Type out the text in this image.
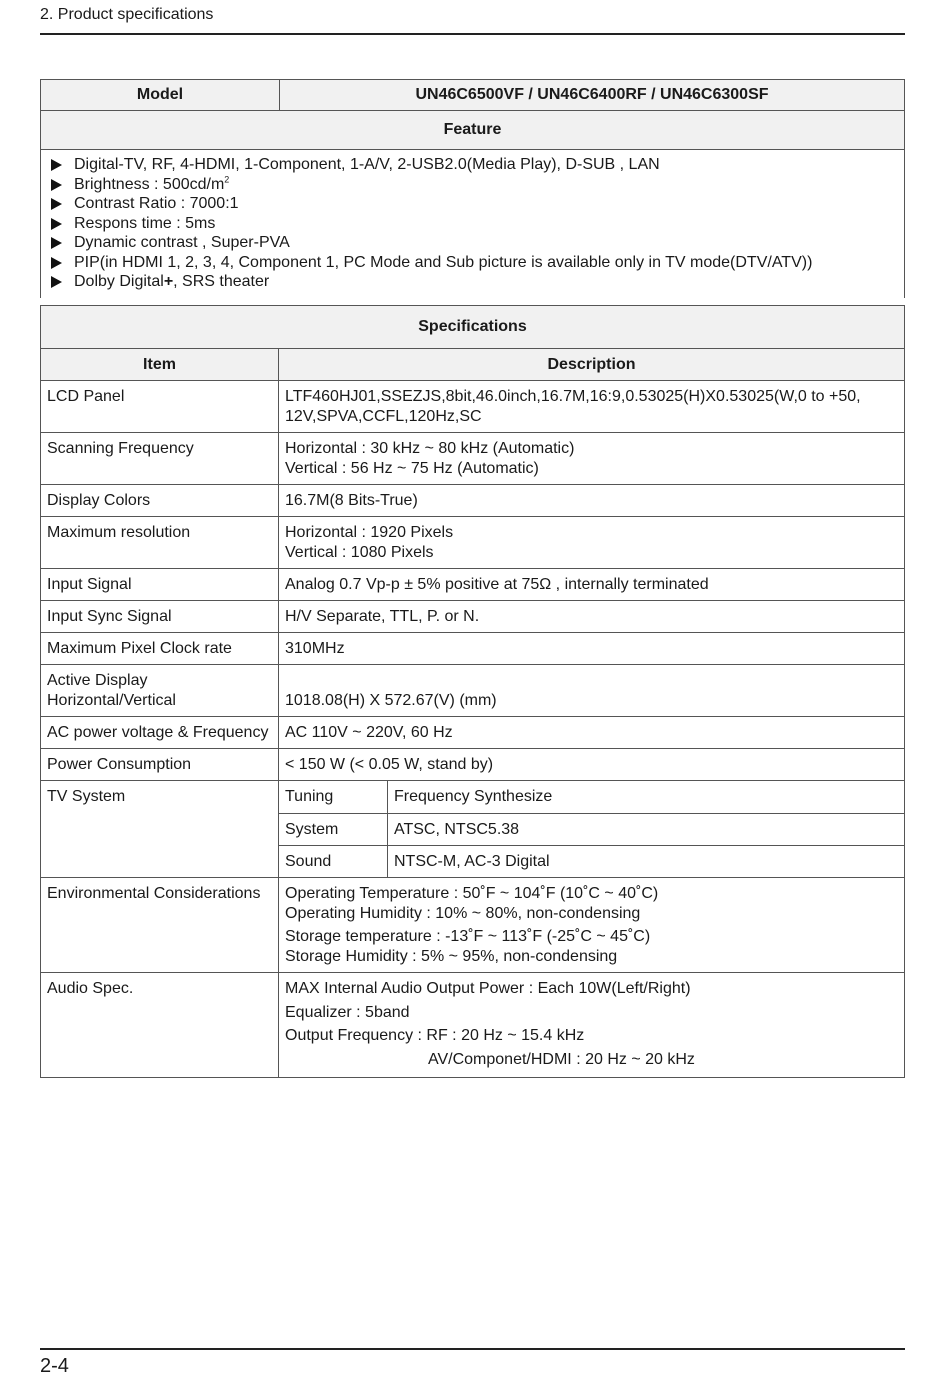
2. Product specifications
Model	UN46C6500VF / UN46C6400RF / UN46C6300SF
Feature
Digital-TV, RF, 4-HDMI, 1-Component, 1-A/V, 2-USB2.0(Media Play), D-SUB , LAN
Brightness : $500cd/m^2$
Contrast Ratio : 7000:1
Respons time : 5ms
Dynamic contrast , Super-PVA
PIP(in HDMI 1, 2, 3, 4, Component 1, PC Mode and Sub picture is available only in TV mode(DTV/ATV))
Dolby Digital+, SRS theater
Specifications
Item	Description
LCD Panel	LTF460HJ01,SSEZJS,8bit,46.0inch,16.7M,16:9,0.53025(H)X0.53025(W,0 to +50,

12V,SPVA,CCFL,120Hz,SC

Scanning Frequency	Horizontal : 30 kHz ~ 80 kHz (Automatic)

Vertical : 56 Hz ~ 75 Hz (Automatic)

Display Colors	16.7M(8 Bits-True)
Maximum resolution	Horizontal : 1920 Pixels

Vertical : 1080 Pixels

Input Signal	Analog 0.7 Vp-p ± 5% positive at 75Ω , internally terminated
Input Sync Signal	H/V Separate, TTL, P. or N.
Maximum Pixel Clock rate	310MHz
Active Display
Horizontal/Vertical	1018.08(H) X 572.67(V) (mm)
AC power voltage & Frequency	AC 110V ~ 220V, 60 Hz
Power Consumption	< 150 W (< 0.05 W, stand by)
TV System	Tuning	Frequency Synthesize
System	ATSC, NTSC5.38
Sound	NTSC-M, AC-3 Digital
Environmental Considerations	Operating Temperature : 50˚F ~ 104˚F (10˚C ~ 40˚C)

Operating Humidity : 10% ~ 80%, non-condensing

Storage temperature : -13˚F ~ 113˚F (-25˚C ~ 45˚C)

Storage Humidity : 5% ~ 95%, non-condensing

Audio Spec.	MAX Internal Audio Output Power : Each 10W(Left/Right)

Equalizer : 5band

Output Frequency : RF : 20 Hz ~ 15.4 kHz

AV/Componet/HDMI : 20 Hz ~ 20 kHz

2-4
